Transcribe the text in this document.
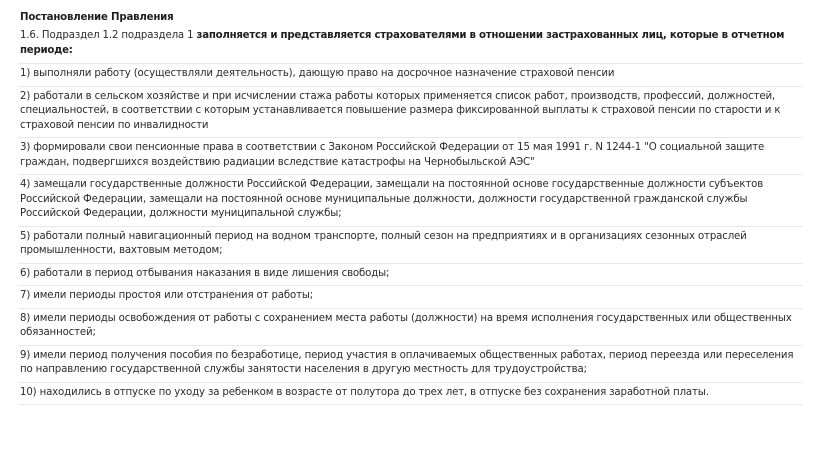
Постановление Правления
1.6. Подраздел 1.2 подраздела 1 заполняется и представляется страхователями в отношении застрахованных лиц, которые в отчетном периоде:
1) выполняли работу (осуществляли деятельность), дающую право на досрочное назначение страховой пенсии
2) работали в сельском хозяйстве и при исчислении стажа работы которых применяется список работ, производств, профессий, должностей, специальностей, в соответствии с которым устанавливается повышение размера фиксированной выплаты к страховой пенсии по старости и к страховой пенсии по инвалидности
3) формировали свои пенсионные права в соответствии с Законом Российской Федерации от 15 мая 1991 г. N 1244-1 "О социальной защите граждан, подвергшихся воздействию радиации вследствие катастрофы на Чернобыльской АЭС"
4) замещали государственные должности Российской Федерации, замещали на постоянной основе государственные должности субъектов Российской Федерации, замещали на постоянной основе муниципальные должности, должности государственной гражданской службы Российской Федерации, должности муниципальной службы;
5) работали полный навигационный период на водном транспорте, полный сезон на предприятиях и в организациях сезонных отраслей промышленности, вахтовым методом;
6) работали в период отбывания наказания в виде лишения свободы;
7) имели периоды простоя или отстранения от работы;
8) имели периоды освобождения от работы с сохранением места работы (должности) на время исполнения государственных или общественных обязанностей;
9) имели период получения пособия по безработице, период участия в оплачиваемых общественных работах, период переезда или переселения по направлению государственной службы занятости населения в другую местность для трудоустройства;
10) находились в отпуске по уходу за ребенком в возрасте от полутора до трех лет, в отпуске без сохранения заработной платы.
